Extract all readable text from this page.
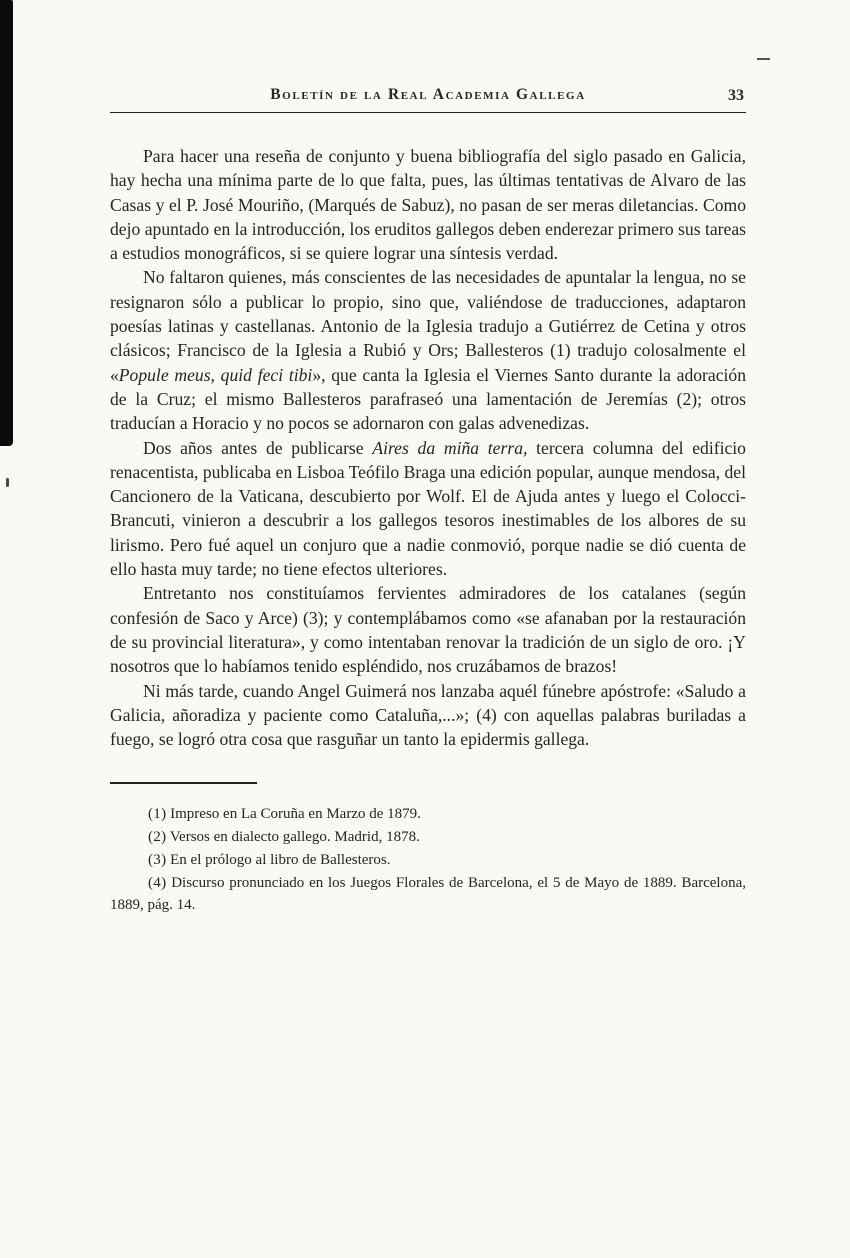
Boletín de la Real Academia Gallega	33

Para hacer una reseña de conjunto y buena bibliografía del siglo pasado en Galicia, hay hecha una mínima parte de lo que falta, pues, las últimas tentativas de Alvaro de las Casas y el P. José Mouriño, (Marqués de Sabuz), no pasan de ser meras diletancias. Como dejo apuntado en la introducción, los eruditos gallegos deben enderezar primero sus tareas a estudios monográficos, si se quiere lograr una síntesis verdad.

No faltaron quienes, más conscientes de las necesidades de apuntalar la lengua, no se resignaron sólo a publicar lo propio, sino que, valiéndose de traducciones, adaptaron poesías latinas y castellanas. Antonio de la Iglesia tradujo a Gutiérrez de Cetina y otros clásicos; Francisco de la Iglesia a Rubió y Ors; Ballesteros (1) tradujo colosalmente el «Popule meus, quid feci tibi», que canta la Iglesia el Viernes Santo durante la adoración de la Cruz; el mismo Ballesteros parafraseó una lamentación de Jeremías (2); otros traducían a Horacio y no pocos se adornaron con galas advenedizas.

Dos años antes de publicarse Aires da miña terra, tercera columna del edificio renacentista, publicaba en Lisboa Teófilo Braga una edición popular, aunque mendosa, del Cancionero de la Vaticana, descubierto por Wolf. El de Ajuda antes y luego el Colocci-Brancuti, vinieron a descubrir a los gallegos tesoros inestimables de los albores de su lirismo. Pero fué aquel un conjuro que a nadie conmovió, porque nadie se dió cuenta de ello hasta muy tarde; no tiene efectos ulteriores.

Entretanto nos constituíamos fervientes admiradores de los catalanes (según confesión de Saco y Arce) (3); y contemplábamos como «se afanaban por la restauración de su provincial literatura», y como intentaban renovar la tradición de un siglo de oro. ¡Y nosotros que lo habíamos tenido espléndido, nos cruzábamos de brazos!

Ni más tarde, cuando Angel Guimerá nos lanzaba aquél fúnebre apóstrofe: «Saludo a Galicia, añoradiza y paciente como Cataluña,...»; (4) con aquellas palabras buriladas a fuego, se logró otra cosa que rasguñar un tanto la epidermis gallega.

(1) Impreso en La Coruña en Marzo de 1879.

(2) Versos en dialecto gallego. Madrid, 1878.

(3) En el prólogo al libro de Ballesteros.

(4) Discurso pronunciado en los Juegos Florales de Barcelona, el 5 de Mayo de 1889. Barcelona, 1889, pág. 14.
